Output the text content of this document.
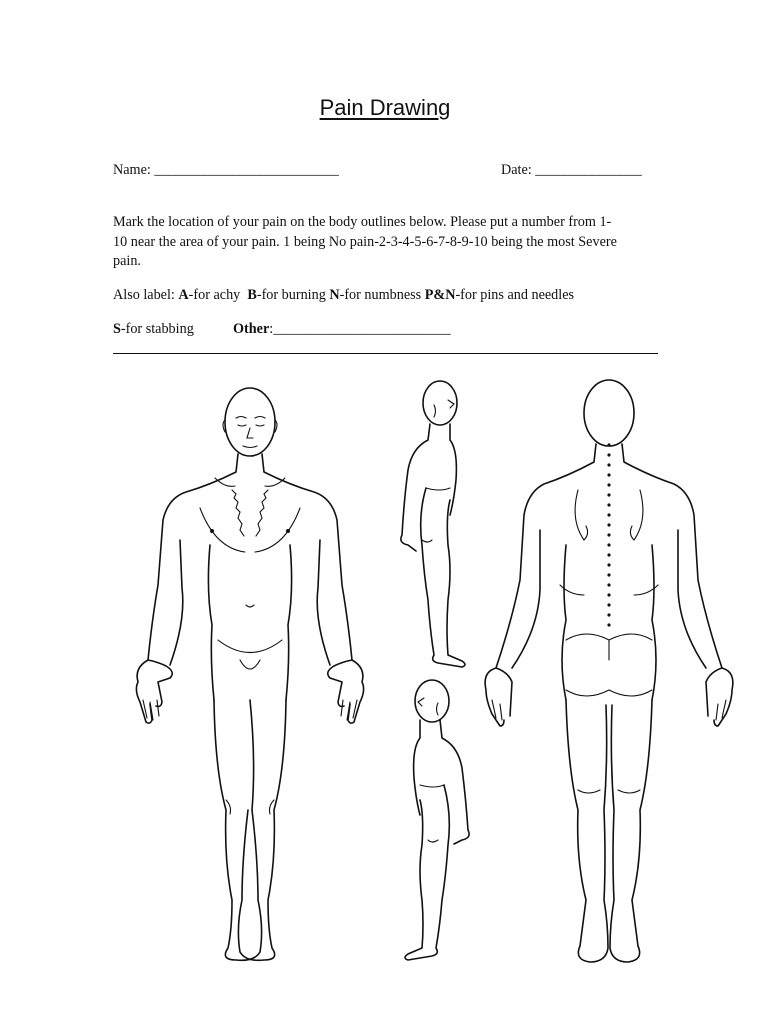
Pain Drawing
Name: __________________________	Date: _______________
Mark the location of your pain on the body outlines below. Please put a number from 1-
10 near the area of your pain. 1 being No pain-2-3-4-5-6-7-8-9-10 being the most Severe
pain.
Also label: A-for achy  B-for burning N-for numbness P&N-for pins and needles
S-for stabbing	Other:_________________________
